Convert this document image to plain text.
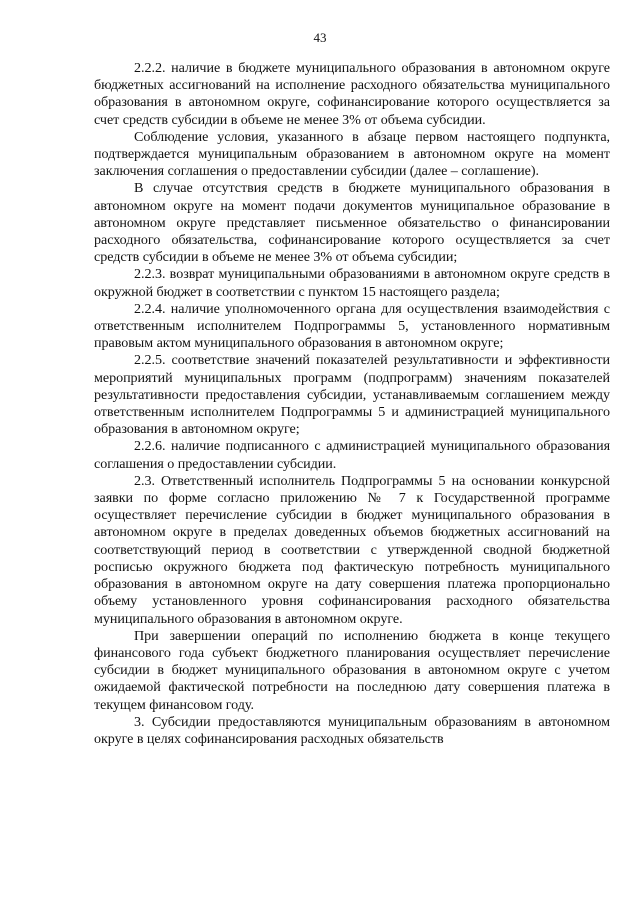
43

2.2.2. наличие в бюджете муниципального образования в автономном округе бюджетных ассигнований на исполнение расходного обязательства муниципального образования в автономном округе, софинансирование которого осуществляется за счет средств субсидии в объеме не менее 3% от объема субсидии.

Соблюдение условия, указанного в абзаце первом настоящего подпункта, подтверждается муниципальным образованием в автономном округе на момент заключения соглашения о предоставлении субсидии (далее – соглашение).

В случае отсутствия средств в бюджете муниципального образования в автономном округе на момент подачи документов муниципальное образование в автономном округе представляет письменное обязательство о финансировании расходного обязательства, софинансирование которого осуществляется за счет средств субсидии в объеме не менее 3% от объема субсидии;

2.2.3. возврат муниципальными образованиями в автономном округе средств в окружной бюджет в соответствии с пунктом 15 настоящего раздела;

2.2.4. наличие уполномоченного органа для осуществления взаимодействия с ответственным исполнителем Подпрограммы 5, установленного нормативным правовым актом муниципального образования в автономном округе;

2.2.5. соответствие значений показателей результативности и эффективности мероприятий муниципальных программ (подпрограмм) значениям показателей результативности предоставления субсидии, устанавливаемым соглашением между ответственным исполнителем Подпрограммы 5 и администрацией муниципального образования в автономном округе;

2.2.6. наличие подписанного с администрацией муниципального образования соглашения о предоставлении субсидии.

2.3. Ответственный исполнитель Подпрограммы 5 на основании конкурсной заявки по форме согласно приложению № 7 к Государственной программе осуществляет перечисление субсидии в бюджет муниципального образования в автономном округе в пределах доведенных объемов бюджетных ассигнований на соответствующий период в соответствии с утвержденной сводной бюджетной росписью окружного бюджета под фактическую потребность муниципального образования в автономном округе на дату совершения платежа пропорционально объему установленного уровня софинансирования расходного обязательства муниципального образования в автономном округе.

При завершении операций по исполнению бюджета в конце текущего финансового года субъект бюджетного планирования осуществляет перечисление субсидии в бюджет муниципального образования в автономном округе с учетом ожидаемой фактической потребности на последнюю дату совершения платежа в текущем финансовом году.

3. Субсидии предоставляются муниципальным образованиям в автономном округе в целях софинансирования расходных обязательств
